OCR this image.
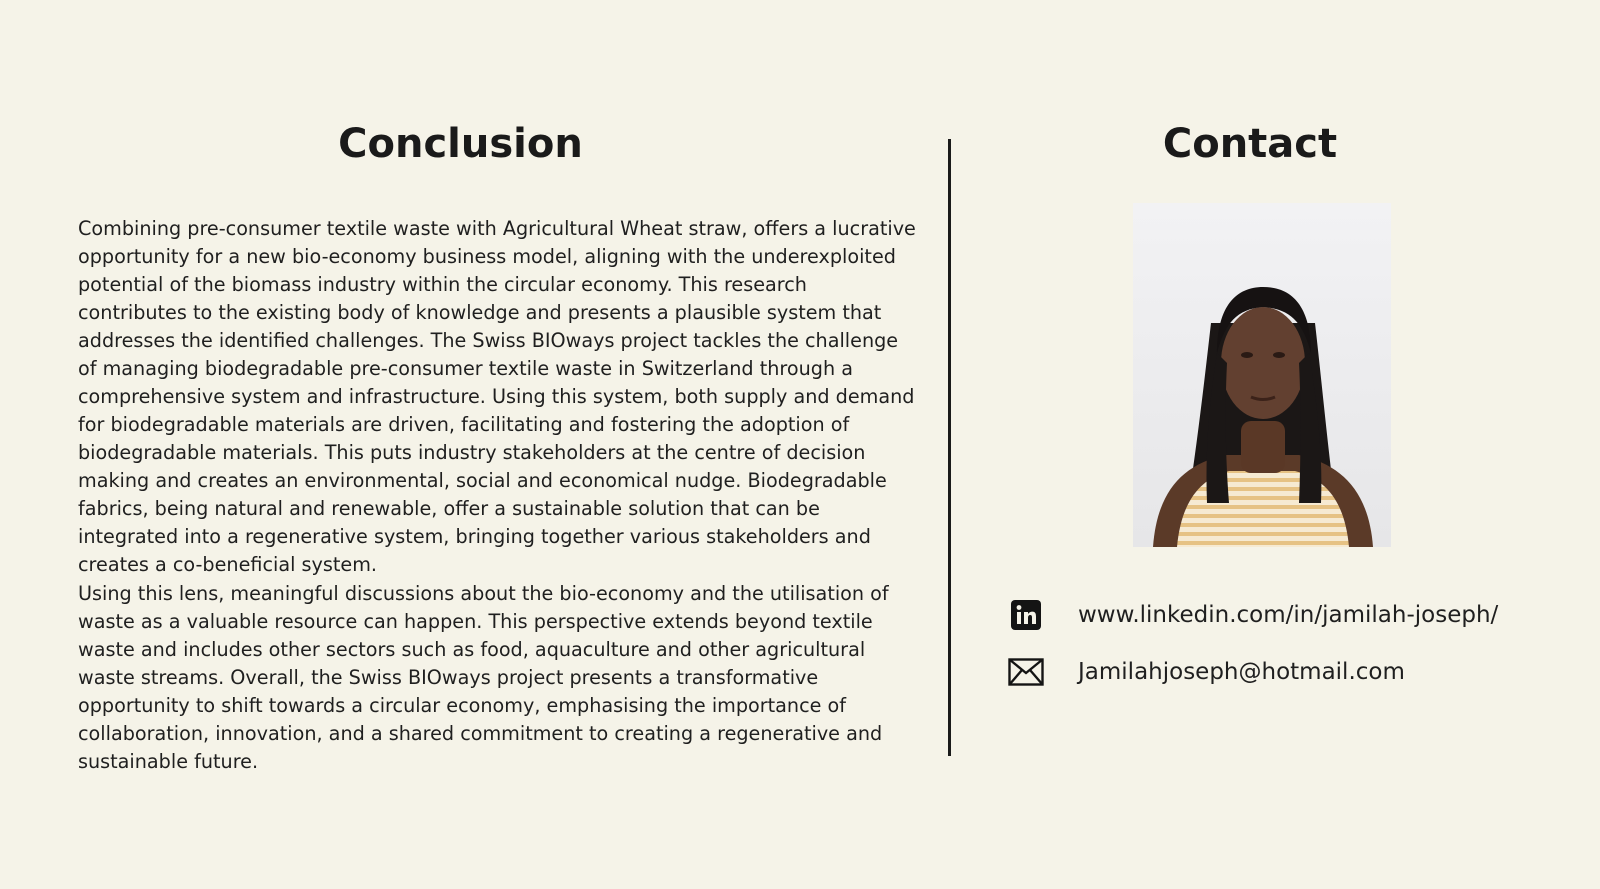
Conclusion

Combining pre-consumer textile waste with Agricultural Wheat straw, offers a lucrative opportunity for a new bio-economy business model, aligning with the underexploited potential of the biomass industry within the circular economy. This research contributes to the existing body of knowledge and presents a plausible system that addresses the identified challenges. The Swiss BIOways project tackles the challenge of managing biodegradable pre-consumer textile waste in Switzerland through a comprehensive system and infrastructure. Using this system, both supply and demand for biodegradable materials are driven, facilitating and fostering the adoption of biodegradable materials. This puts industry stakeholders at the centre of decision making and creates an environmental, social and economical nudge. Biodegradable fabrics, being natural and renewable, offer a sustainable solution that can be integrated into a regenerative system, bringing together various stakeholders and creates a co-beneficial system.

Using this lens, meaningful discussions about the bio-economy and the utilisation of waste as a valuable resource can happen. This perspective extends beyond textile waste and includes other sectors such as food, aquaculture and other agricultural waste streams. Overall, the Swiss BIOways project presents a transformative opportunity to shift towards a circular economy, emphasising the importance of collaboration, innovation, and a shared commitment to creating a regenerative and sustainable future.

Contact
www.linkedin.com/in/jamilah-joseph/
Jamilahjoseph@hotmail.com
